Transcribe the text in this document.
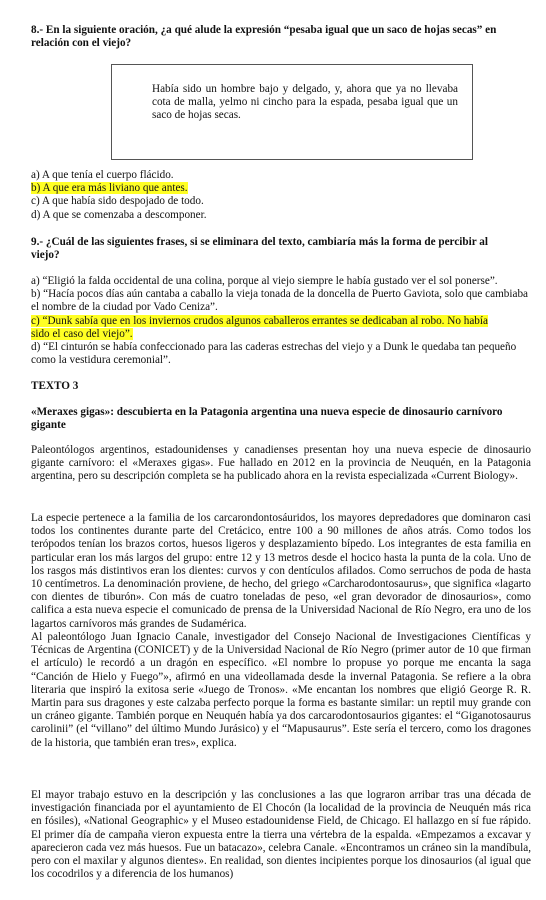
8.- En la siguiente oración, ¿a qué alude la expresión “pesaba igual que un saco de hojas secas” en
relación con el viejo?
Había sido un hombre bajo y delgado, y, ahora que ya no llevaba cota de malla, yelmo ni cincho para la espada, pesaba igual que un saco de hojas secas.
a) A que tenía el cuerpo flácido.
b) A que era más liviano que antes.
c) A que había sido despojado de todo.
d) A que se comenzaba a descomponer.
9.- ¿Cuál de las siguientes frases, si se eliminara del texto, cambiaría más la forma de percibir al
viejo?
a) “Eligió la falda occidental de una colina, porque al viejo siempre le había gustado ver el sol ponerse”.
b) “Hacía pocos días aún cantaba a caballo la vieja tonada de la doncella de Puerto Gaviota, solo que cambiaba el nombre de la ciudad por Vado Ceniza”.
c) “Dunk sabía que en los inviernos crudos algunos caballeros errantes se dedicaban al robo. No había
sido el caso del viejo”.
d) “El cinturón se había confeccionado para las caderas estrechas del viejo y a Dunk le quedaba tan pequeño como la vestidura ceremonial”.
TEXTO 3
«Meraxes gigas»: descubierta en la Patagonia argentina una nueva especie de dinosaurio carnívoro gigante
Paleontólogos argentinos, estadounidenses y canadienses presentan hoy una nueva especie de dinosaurio gigante carnívoro: el «Meraxes gigas». Fue hallado en 2012 en la provincia de Neuquén, en la Patagonia argentina, pero su descripción completa se ha publicado ahora en la revista especializada «Current Biology».
La especie pertenece a la familia de los carcarondontosáuridos, los mayores depredadores que dominaron casi todos los continentes durante parte del Cretácico, entre 100 a 90 millones de años atrás. Como todos los terópodos tenían los brazos cortos, huesos ligeros y desplazamiento bípedo. Los integrantes de esta familia en particular eran los más largos del grupo: entre 12 y 13 metros desde el hocico hasta la punta de la cola. Uno de los rasgos más distintivos eran los dientes: curvos y con dentículos afilados. Como serruchos de poda de hasta 10 centímetros. La denominación proviene, de hecho, del griego «Carcharodontosaurus», que significa «lagarto con dientes de tiburón». Con más de cuatro toneladas de peso, «el gran devorador de dinosaurios», como califica a esta nueva especie el comunicado de prensa de la Universidad Nacional de Río Negro, era uno de los lagartos carnívoros más grandes de Sudamérica.
Al paleontólogo Juan Ignacio Canale, investigador del Consejo Nacional de Investigaciones Científicas y Técnicas de Argentina (CONICET) y de la Universidad Nacional de Río Negro (primer autor de 10 que firman el artículo) le recordó a un dragón en específico. «El nombre lo propuse yo porque me encanta la saga “Canción de Hielo y Fuego”», afirmó en una videollamada desde la invernal Patagonia. Se refiere a la obra literaria que inspiró la exitosa serie «Juego de Tronos». «Me encantan los nombres que eligió George R. R. Martin para sus dragones y este calzaba perfecto porque la forma es bastante similar: un reptil muy grande con un cráneo gigante. También porque en Neuquén había ya dos carcarodontosaurios gigantes: el “Giganotosaurus carolinii” (el “villano” del último Mundo Jurásico) y el “Mapusaurus”. Este sería el tercero, como los dragones de la historia, que también eran tres», explica.
El mayor trabajo estuvo en la descripción y las conclusiones a las que lograron arribar tras una década de investigación financiada por el ayuntamiento de El Chocón (la localidad de la provincia de Neuquén más rica en fósiles), «National Geographic» y el Museo estadounidense Field, de Chicago. El hallazgo en sí fue rápido. El primer día de campaña vieron expuesta entre la tierra una vértebra de la espalda. «Empezamos a excavar y aparecieron cada vez más huesos. Fue un batacazo», celebra Canale. «Encontramos un cráneo sin la mandíbula, pero con el maxilar y algunos dientes». En realidad, son dientes incipientes porque los dinosaurios (al igual que los cocodrilos y a diferencia de los humanos)
